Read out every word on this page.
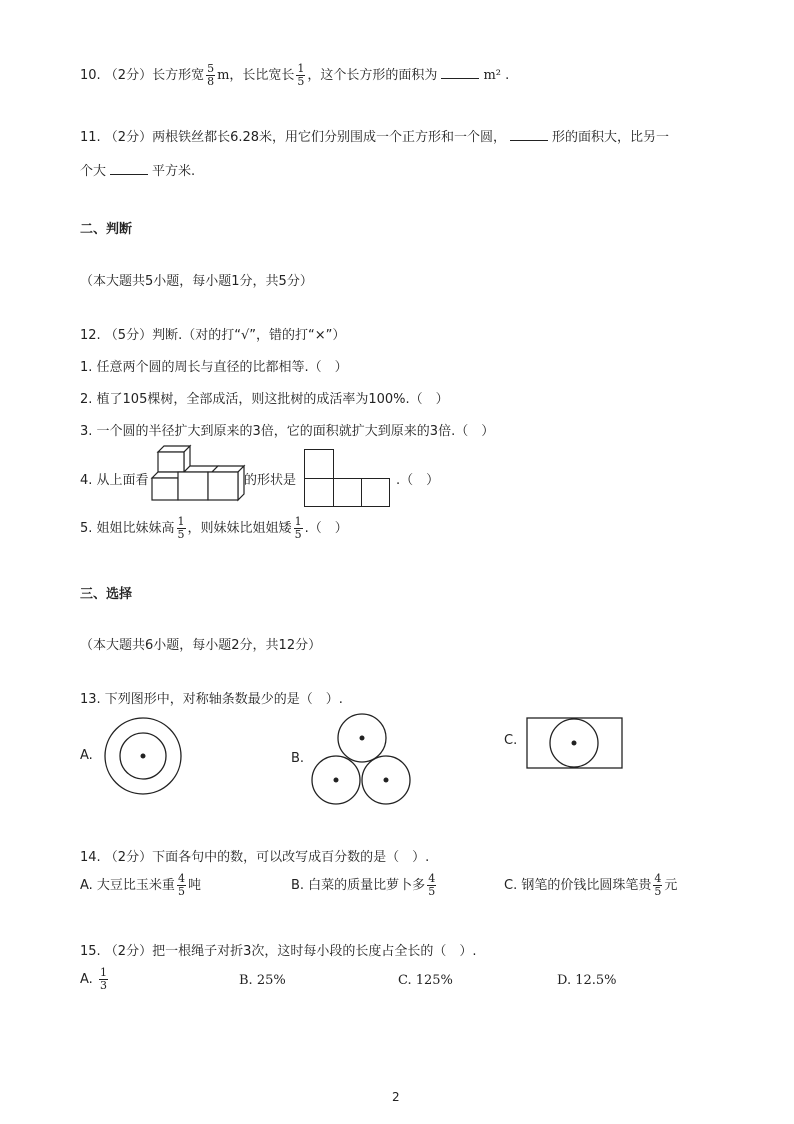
10. （2分）长方形宽 $\frac{5}{8}$ m，长比宽长 $\frac{1}{5}$ ，这个长方形的面积为	m² .
11. （2分）两根铁丝都长6.28米，用它们分别围成一个正方形和一个圆，	形的面积大，比另一
个大	平方米.
二、判断
（本大题共5小题，每小题1分，共5分）
12. （5分）判断.（对的打“√”，错的打“×”）
1. 任意两个圆的周长与直径的比都相等.（　）
2. 植了105棵树，全部成活，则这批树的成活率为100%.（　）
3. 一个圆的半径扩大到原来的3倍，它的面积就扩大到原来的3倍.（　）
4. 从上面看	的形状是	.（　）
5. 姐姐比妹妹高 $\frac{1}{5}$ ，则妹妹比姐姐矮 $\frac{1}{5}$ .（　）
三、选择
（本大题共6小题，每小题2分，共12分）
13. 下列图形中，对称轴条数最少的是（　）.
A.	B.
C.
14. （2分）下面各句中的数，可以改写成百分数的是（　）.
A. 大豆比玉米重 $\frac{4}{5}$ 吨	B. 白菜的质量比萝卜多 $\frac{4}{5}$	C. 钢笔的价钱比圆珠笔贵 $\frac{4}{5}$ 元
15. （2分）把一根绳子对折3次，这时每小段的长度占全长的（　）.
A. $\frac{1}{3}$	B. 25%	C. 125%	D. 12.5%
2
